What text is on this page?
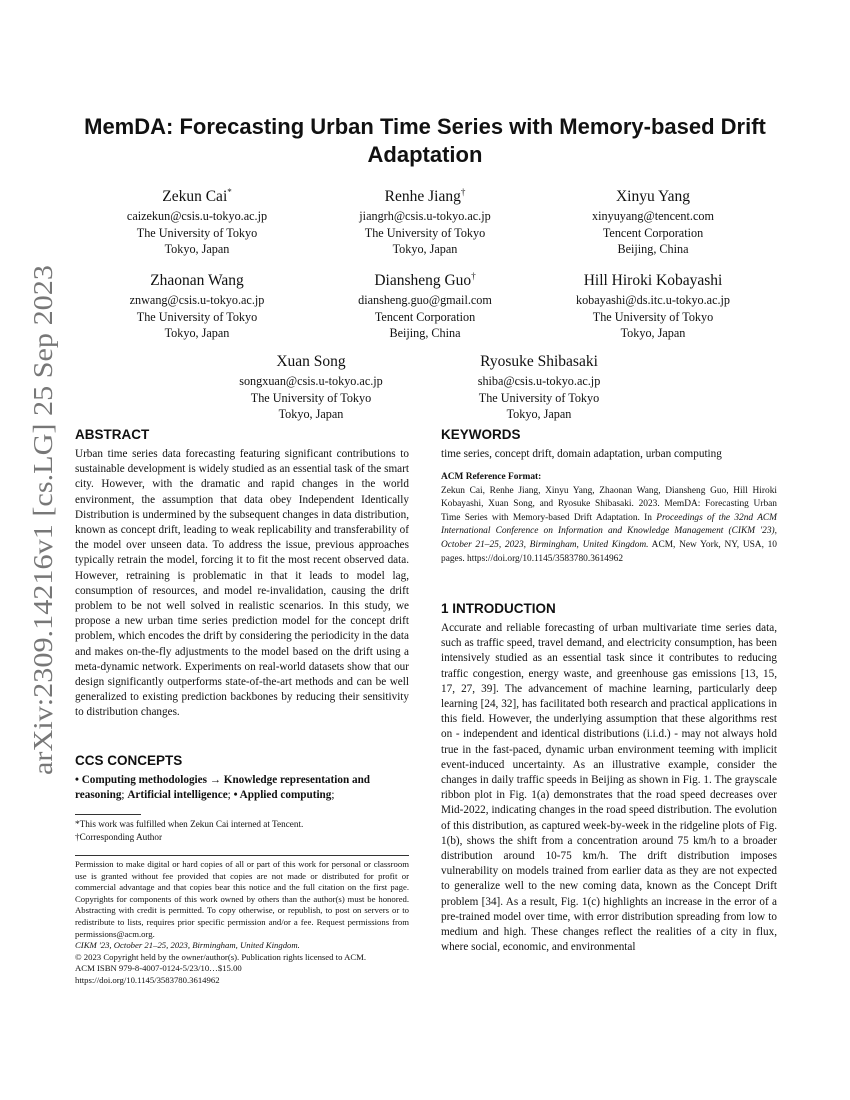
arXiv:2309.14216v1 [cs.LG] 25 Sep 2023
MemDA: Forecasting Urban Time Series with Memory-based Drift Adaptation
Zekun Cai*
caizekun@csis.u-tokyo.ac.jp
The University of Tokyo
Tokyo, Japan
Renhe Jiang†
jiangrh@csis.u-tokyo.ac.jp
The University of Tokyo
Tokyo, Japan
Xinyu Yang
xinyuyang@tencent.com
Tencent Corporation
Beijing, China
Zhaonan Wang
znwang@csis.u-tokyo.ac.jp
The University of Tokyo
Tokyo, Japan
Diansheng Guo†
diansheng.guo@gmail.com
Tencent Corporation
Beijing, China
Hill Hiroki Kobayashi
kobayashi@ds.itc.u-tokyo.ac.jp
The University of Tokyo
Tokyo, Japan
Xuan Song
songxuan@csis.u-tokyo.ac.jp
The University of Tokyo
Tokyo, Japan
Ryosuke Shibasaki
shiba@csis.u-tokyo.ac.jp
The University of Tokyo
Tokyo, Japan
ABSTRACT

Urban time series data forecasting featuring significant contributions to sustainable development is widely studied as an essential task of the smart city. However, with the dramatic and rapid changes in the world environment, the assumption that data obey Independent Identically Distribution is undermined by the subsequent changes in data distribution, known as concept drift, leading to weak replicability and transferability of the model over unseen data. To address the issue, previous approaches typically retrain the model, forcing it to fit the most recent observed data. However, retraining is problematic in that it leads to model lag, consumption of resources, and model re-invalidation, causing the drift problem to be not well solved in realistic scenarios. In this study, we propose a new urban time series prediction model for the concept drift problem, which encodes the drift by considering the periodicity in the data and makes on-the-fly adjustments to the model based on the drift using a meta-dynamic network. Experiments on real-world datasets show that our design significantly outperforms state-of-the-art methods and can be well generalized to existing prediction backbones by reducing their sensitivity to distribution changes.

CCS CONCEPTS

• Computing methodologies → Knowledge representation and reasoning; Artificial intelligence; • Applied computing;

*This work was fulfilled when Zekun Cai interned at Tencent.
†Corresponding Author
Permission to make digital or hard copies of all or part of this work for personal or classroom use is granted without fee provided that copies are not made or distributed for profit or commercial advantage and that copies bear this notice and the full citation on the first page. Copyrights for components of this work owned by others than the author(s) must be honored. Abstracting with credit is permitted. To copy otherwise, or republish, to post on servers or to redistribute to lists, requires prior specific permission and/or a fee. Request permissions from permissions@acm.org.
CIKM '23, October 21–25, 2023, Birmingham, United Kingdom.
© 2023 Copyright held by the owner/author(s). Publication rights licensed to ACM.
ACM ISBN 979-8-4007-0124-5/23/10…$15.00
https://doi.org/10.1145/3583780.3614962
KEYWORDS

time series, concept drift, domain adaptation, urban computing

ACM Reference Format:

Zekun Cai, Renhe Jiang, Xinyu Yang, Zhaonan Wang, Diansheng Guo, Hill Hiroki Kobayashi, Xuan Song, and Ryosuke Shibasaki. 2023. MemDA: Forecasting Urban Time Series with Memory-based Drift Adaptation. In Proceedings of the 32nd ACM International Conference on Information and Knowledge Management (CIKM '23), October 21–25, 2023, Birmingham, United Kingdom. ACM, New York, NY, USA, 10 pages. https://doi.org/10.1145/3583780.3614962

1 INTRODUCTION

Accurate and reliable forecasting of urban multivariate time series data, such as traffic speed, travel demand, and electricity consumption, has been intensively studied as an essential task since it contributes to reducing traffic congestion, energy waste, and greenhouse gas emissions [13, 15, 17, 27, 39]. The advancement of machine learning, particularly deep learning [24, 32], has facilitated both research and practical applications in this field. However, the underlying assumption that these algorithms rest on - independent and identical distributions (i.i.d.) - may not always hold true in the fast-paced, dynamic urban environment teeming with implicit event-induced uncertainty. As an illustrative example, consider the changes in daily traffic speeds in Beijing as shown in Fig. 1. The grayscale ribbon plot in Fig. 1(a) demonstrates that the road speed decreases over Mid-2022, indicating changes in the road speed distribution. The evolution of this distribution, as captured week-by-week in the ridgeline plots of Fig. 1(b), shows the shift from a concentration around 75 km/h to a broader distribution around 10-75 km/h. The drift distribution imposes vulnerability on models trained from earlier data as they are not expected to generalize well to the new coming data, known as the Concept Drift problem [34]. As a result, Fig. 1(c) highlights an increase in the error of a pre-trained model over time, with error distribution spreading from low to medium and high. These changes reflect the realities of a city in flux, where social, economic, and environmental
